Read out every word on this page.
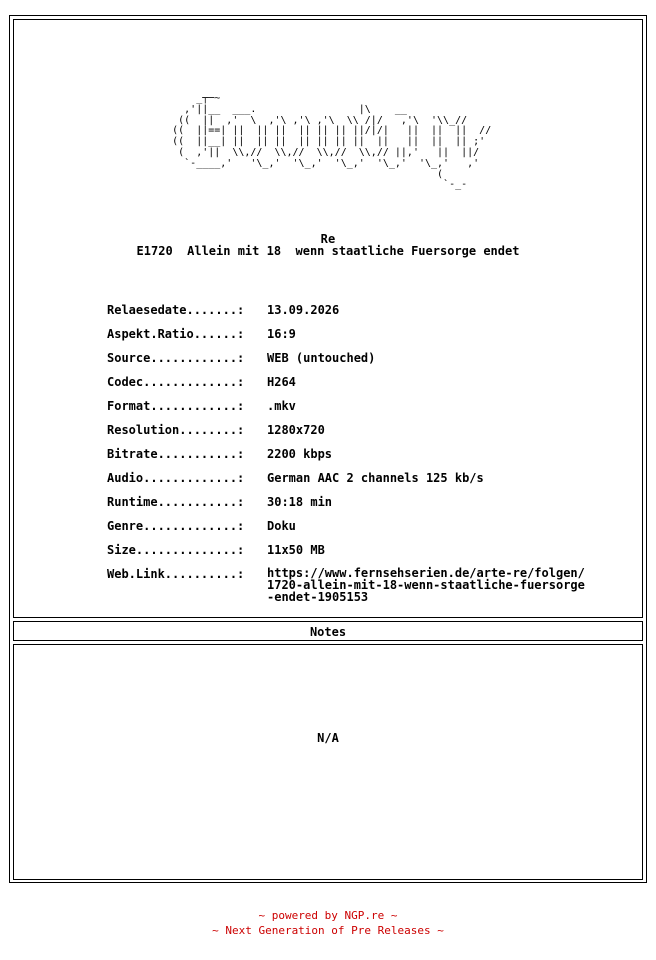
_┬─~
,'||__  ___.                 |\    __
((  ||  ,'  \  ,'\ ,'\ ,'\  \\ /|/   ,'\  '\\_//
((  ||==| ||  || ||  || || || ||/|/|   ||  ||  ||  //
((  ||__| ||  || ||  || || || ||  ||   ||  ||  || ;'
(  ,'||  \\,//  \\,//  \\,//  \\,// ||,'   ||  ||/
`-____,'   '\_,'  '\_,'  '\_,'  '\_,'  '\_,'   ,'
(
`-_-
Re
E1720  Allein mit 18  wenn staatliche Fuersorge endet
Relaesedate.......:	13.09.2026
Aspekt.Ratio......:	16:9
Source............:	WEB (untouched)
Codec.............:	H264
Format............:	.mkv
Resolution........:	1280x720
Bitrate...........:	2200 kbps
Audio.............:	German AAC 2 channels 125 kb/s
Runtime...........:	30:18 min
Genre.............:	Doku
Size..............:	11x50 MB
Web.Link..........:	https://www.fernsehserien.de/arte-re/folgen/
1720-allein-mit-18-wenn-staatliche-fuersorge
-endet-1905153
Notes
N/A
~ powered by NGP.re ~
~ Next Generation of Pre Releases ~
